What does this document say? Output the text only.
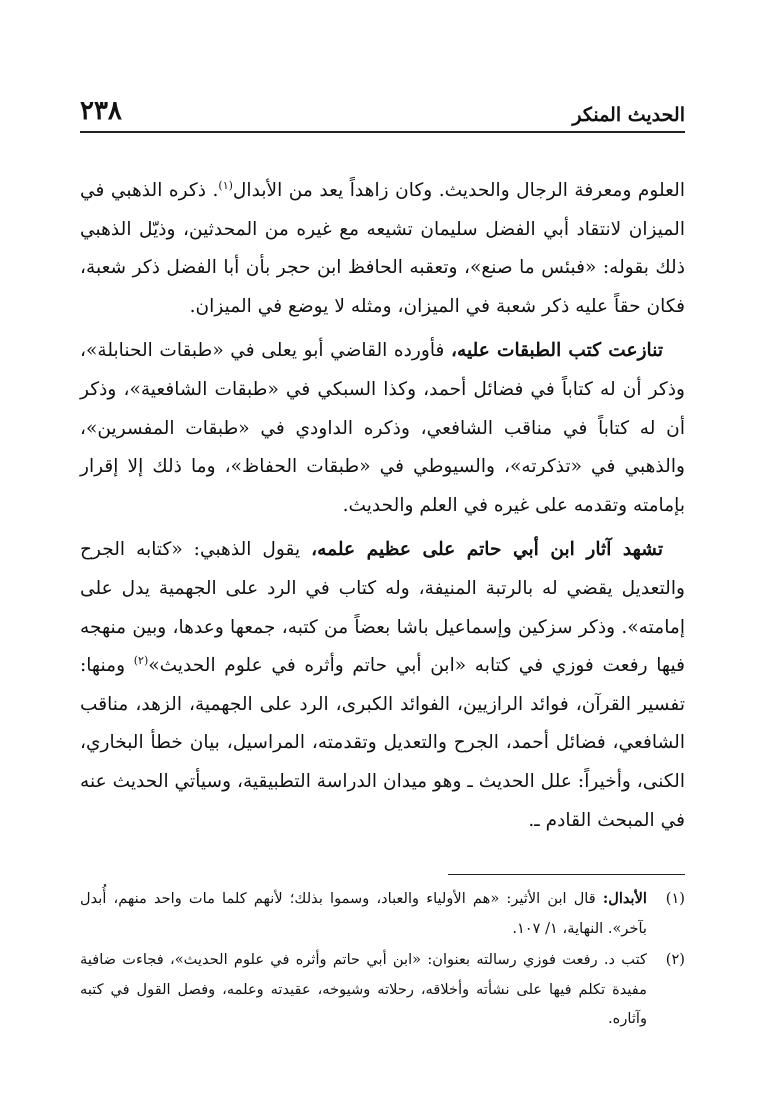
الحديث المنكر
٢٣٨

العلوم ومعرفة الرجال والحديث. وكان زاهداً يعد من الأبدال$^{(١)}$. ذكره الذهبي في الميزان لانتقاد أبي الفضل سليمان تشيعه مع غيره من المحدثين، وذيّل الذهبي ذلك بقوله: «فبئس ما صنع»، وتعقبه الحافظ ابن حجر بأن أبا الفضل ذكر شعبة، فكان حقاً عليه ذكر شعبة في الميزان، ومثله لا يوضع في الميزان.

تنازعت كتب الطبقات عليه، فأورده القاضي أبو يعلى في «طبقات الحنابلة»، وذكر أن له كتاباً في فضائل أحمد، وكذا السبكي في «طبقات الشافعية»، وذكر أن له كتاباً في مناقب الشافعي، وذكره الداودي في «طبقات المفسرين»، والذهبي في «تذكرته»، والسيوطي في «طبقات الحفاظ»، وما ذلك إلا إقرار بإمامته وتقدمه على غيره في العلم والحديث.

تشهد آثار ابن أبي حاتم على عظيم علمه، يقول الذهبي: «كتابه الجرح والتعديل يقضي له بالرتبة المنيفة، وله كتاب في الرد على الجهمية يدل على إمامته». وذكر سزكين وإسماعيل باشا بعضاً من كتبه، جمعها وعدها، وبين منهجه فيها رفعت فوزي في كتابه «ابن أبي حاتم وأثره في علوم الحديث»$^{(٢)}$ ومنها: تفسير القرآن، فوائد الرازيين، الفوائد الكبرى، الرد على الجهمية، الزهد، مناقب الشافعي، فضائل أحمد، الجرح والتعديل وتقدمته، المراسيل، بيان خطأ البخاري، الكنى، وأخيراً: علل الحديث ـ وهو ميدان الدراسة التطبيقية، وسيأتي الحديث عنه في المبحث القادم ـ.

(١)
الأبدال: قال ابن الأثير: «هم الأولياء والعباد، وسموا بذلك؛ لأنهم كلما مات واحد منهم، أُبدل بآخر». النهاية، ١/ ١٠٧.
(٢)
كتب د. رفعت فوزي رسالته بعنوان: «ابن أبي حاتم وأثره في علوم الحديث»، فجاءت ضافية مفيدة تكلم فيها على نشأته وأخلاقه، رحلاته وشيوخه، عقيدته وعلمه، وفصل القول في كتبه وآثاره.
